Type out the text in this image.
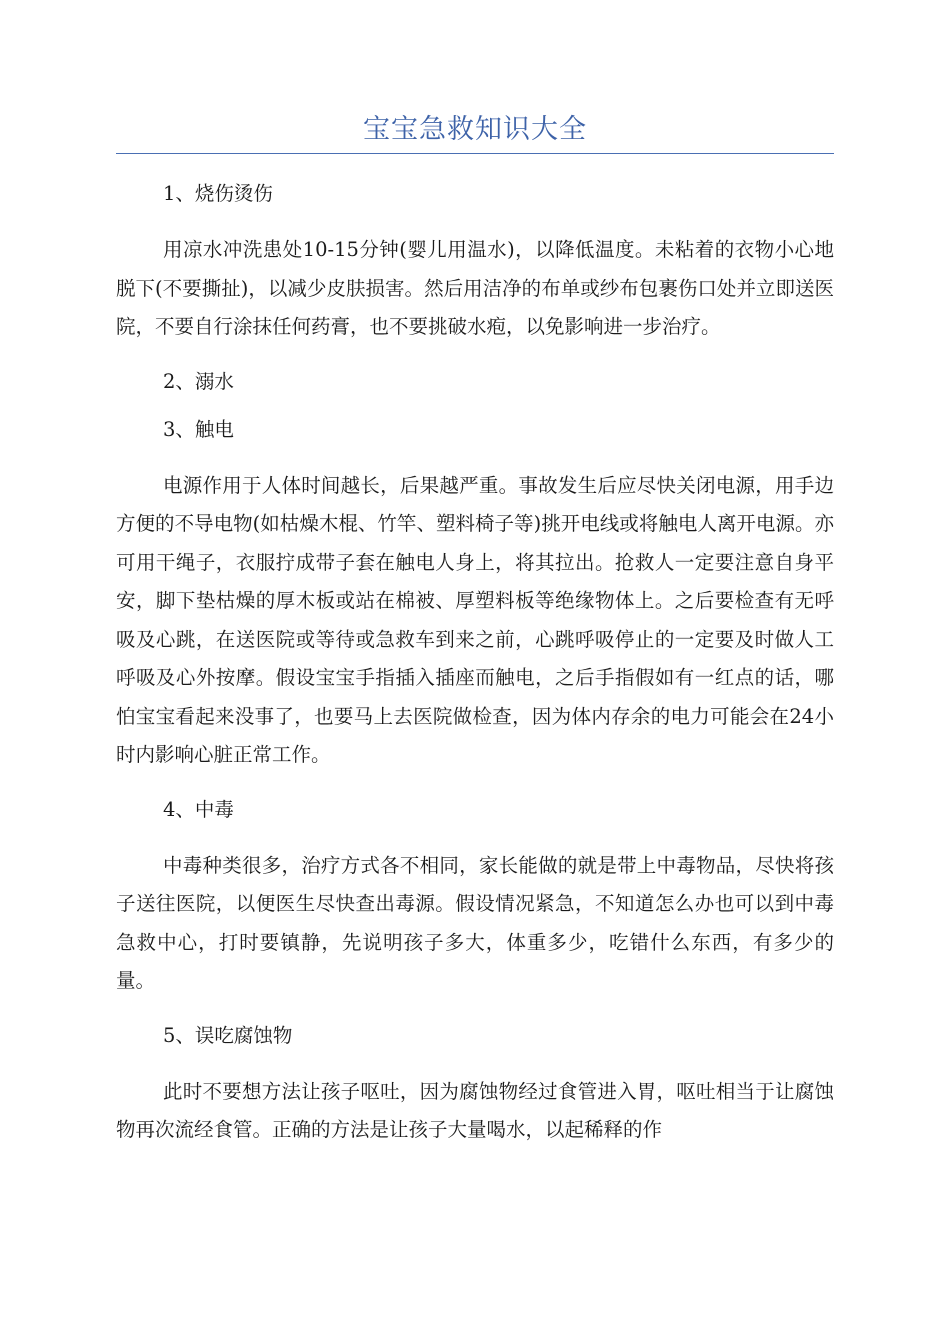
宝宝急救知识大全

1、烧伤烫伤

用凉水冲洗患处10-15分钟(婴儿用温水)，以降低温度。未粘着的衣物小心地脱下(不要撕扯)，以减少皮肤损害。然后用洁净的布单或纱布包裹伤口处并立即送医院，不要自行涂抹任何药膏，也不要挑破水疱，以免影响进一步治疗。

2、溺水

3、触电

电源作用于人体时间越长，后果越严重。事故发生后应尽快关闭电源，用手边方便的不导电物(如枯燥木棍、竹竿、塑料椅子等)挑开电线或将触电人离开电源。亦可用干绳子，衣服拧成带子套在触电人身上，将其拉出。抢救人一定要注意自身平安，脚下垫枯燥的厚木板或站在棉被、厚塑料板等绝缘物体上。之后要检查有无呼吸及心跳，在送医院或等待或急救车到来之前，心跳呼吸停止的一定要及时做人工呼吸及心外按摩。假设宝宝手指插入插座而触电，之后手指假如有一红点的话，哪怕宝宝看起来没事了，也要马上去医院做检查，因为体内存余的电力可能会在24小时内影响心脏正常工作。

4、中毒

中毒种类很多，治疗方式各不相同，家长能做的就是带上中毒物品，尽快将孩子送往医院，以便医生尽快查出毒源。假设情况紧急，不知道怎么办也可以到中毒急救中心，打时要镇静，先说明孩子多大，体重多少，吃错什么东西，有多少的量。

5、误吃腐蚀物

此时不要想方法让孩子呕吐，因为腐蚀物经过食管进入胃，呕吐相当于让腐蚀物再次流经食管。正确的方法是让孩子大量喝水，以起稀释的作
